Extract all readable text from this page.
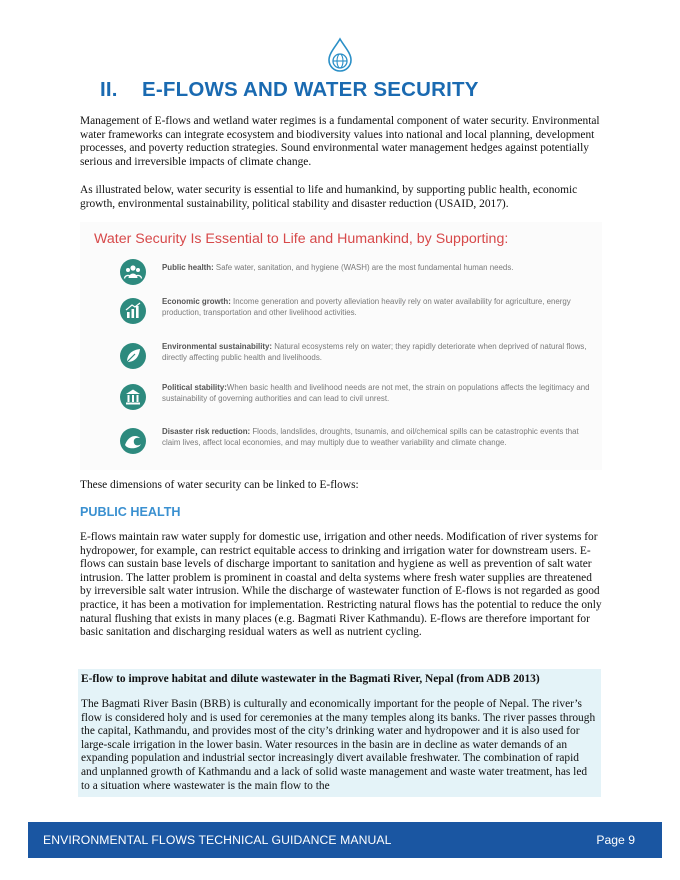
II. E-FLOWS AND WATER SECURITY

Management of E-flows and wetland water regimes is a fundamental component of water security. Environmental water frameworks can integrate ecosystem and biodiversity values into national and local planning, development processes, and poverty reduction strategies. Sound environmental water management hedges against potentially serious and irreversible impacts of climate change.

As illustrated below, water security is essential to life and humankind, by supporting public health, economic growth, environmental sustainability, political stability and disaster reduction (USAID, 2017).

Water Security Is Essential to Life and Humankind, by Supporting:

Public health: Safe water, sanitation, and hygiene (WASH) are the most fundamental human needs.

Economic growth: Income generation and poverty alleviation heavily rely on water availability for agriculture, energy production, transportation and other livelihood activities.

Environmental sustainability: Natural ecosystems rely on water; they rapidly deteriorate when deprived of natural flows, directly affecting public health and livelihoods.

Political stability:When basic health and livelihood needs are not met, the strain on populations affects the legitimacy and sustainability of governing authorities and can lead to civil unrest.

Disaster risk reduction: Floods, landslides, droughts, tsunamis, and oil/chemical spills can be catastrophic events that claim lives, affect local economies, and may multiply due to weather variability and climate change.

These dimensions of water security can be linked to E-flows:

PUBLIC HEALTH

E-flows maintain raw water supply for domestic use, irrigation and other needs. Modification of river systems for hydropower, for example, can restrict equitable access to drinking and irrigation water for downstream users. E-flows can sustain base levels of discharge important to sanitation and hygiene as well as prevention of salt water intrusion. The latter problem is prominent in coastal and delta systems where fresh water supplies are threatened by irreversible salt water intrusion. While the discharge of wastewater function of E-flows is not regarded as good practice, it has been a motivation for implementation. Restricting natural flows has the potential to reduce the only natural flushing that exists in many places (e.g. Bagmati River Kathmandu). E-flows are therefore important for basic sanitation and discharging residual waters as well as nutrient cycling.

E-flow to improve habitat and dilute wastewater in the Bagmati River, Nepal (from ADB 2013)

The Bagmati River Basin (BRB) is culturally and economically important for the people of Nepal. The river’s flow is considered holy and is used for ceremonies at the many temples along its banks. The river passes through the capital, Kathmandu, and provides most of the city’s drinking water and hydropower and it is also used for large-scale irrigation in the lower basin. Water resources in the basin are in decline as water demands of an expanding population and industrial sector increasingly divert available freshwater. The combination of rapid and unplanned growth of Kathmandu and a lack of solid waste management and waste water treatment, has led to a situation where wastewater is the main flow to the

ENVIRONMENTAL FLOWS TECHNICAL GUIDANCE MANUAL	Page 9
